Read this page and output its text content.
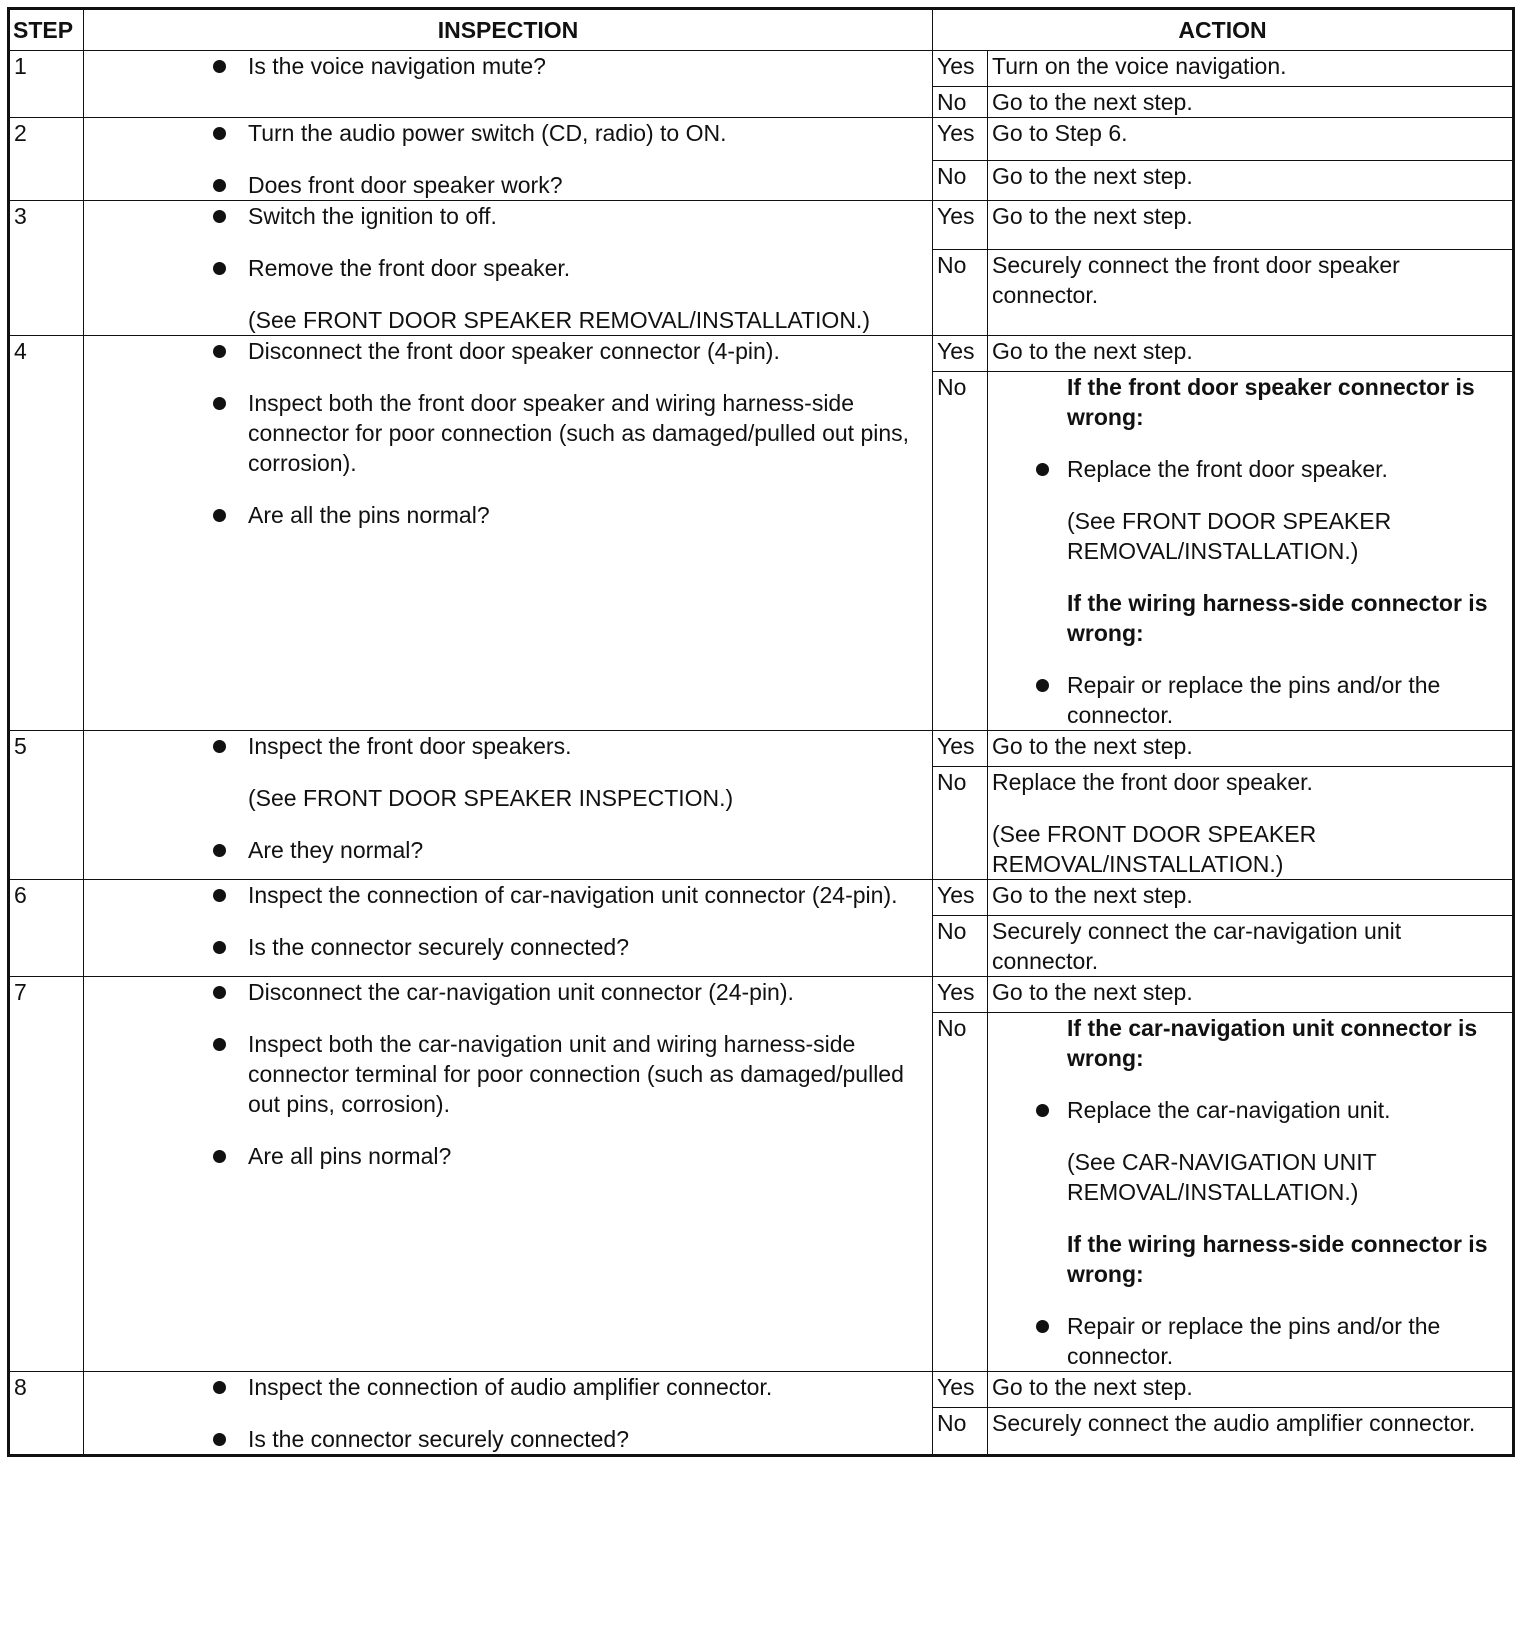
STEP	INSPECTION	ACTION	
1	Is the voice navigation mute?	Yes	Turn on the voice navigation.

		No	Go to the next step.

2	Turn the audio power switch (CD, radio) to ON.
Does front door speaker work?	Yes	Go to Step 6.

		No	Go to the next step.

3	Switch the ignition to off.
Remove the front door speaker.
(See FRONT DOOR SPEAKER REMOVAL/INSTALLATION.)	Yes	Go to the next step.

		No	Securely connect the front door speaker connector.

4	Disconnect the front door speaker connector (4-pin).
Inspect both the front door speaker and wiring harness-side connector for poor connection (such as damaged/pulled out pins, corrosion).
Are all the pins normal?	Yes	Go to the next step.

		No	If the front door speaker connector is wrong:
Replace the front door speaker.
(See FRONT DOOR SPEAKER REMOVAL/INSTALLATION.)
If the wiring harness-side connector is wrong:
Repair or replace the pins and/or the connector.

5	Inspect the front door speakers.
(See FRONT DOOR SPEAKER INSPECTION.)
Are they normal?	Yes	Go to the next step.

		No	Replace the front door speaker.
(See FRONT DOOR SPEAKER REMOVAL/INSTALLATION.)

6	Inspect the connection of car-navigation unit connector (24-pin).
Is the connector securely connected?	Yes	Go to the next step.

		No	Securely connect the car-navigation unit connector.

7	Disconnect the car-navigation unit connector (24-pin).
Inspect both the car-navigation unit and wiring harness-side connector terminal for poor connection (such as damaged/pulled out pins, corrosion).
Are all pins normal?	Yes	Go to the next step.

		No	If the car-navigation unit connector is wrong:
Replace the car-navigation unit.
(See CAR-NAVIGATION UNIT REMOVAL/INSTALLATION.)
If the wiring harness-side connector is wrong:
Repair or replace the pins and/or the connector.

8	Inspect the connection of audio amplifier connector.
Is the connector securely connected?	Yes	Go to the next step.

		No	Securely connect the audio amplifier connector.
